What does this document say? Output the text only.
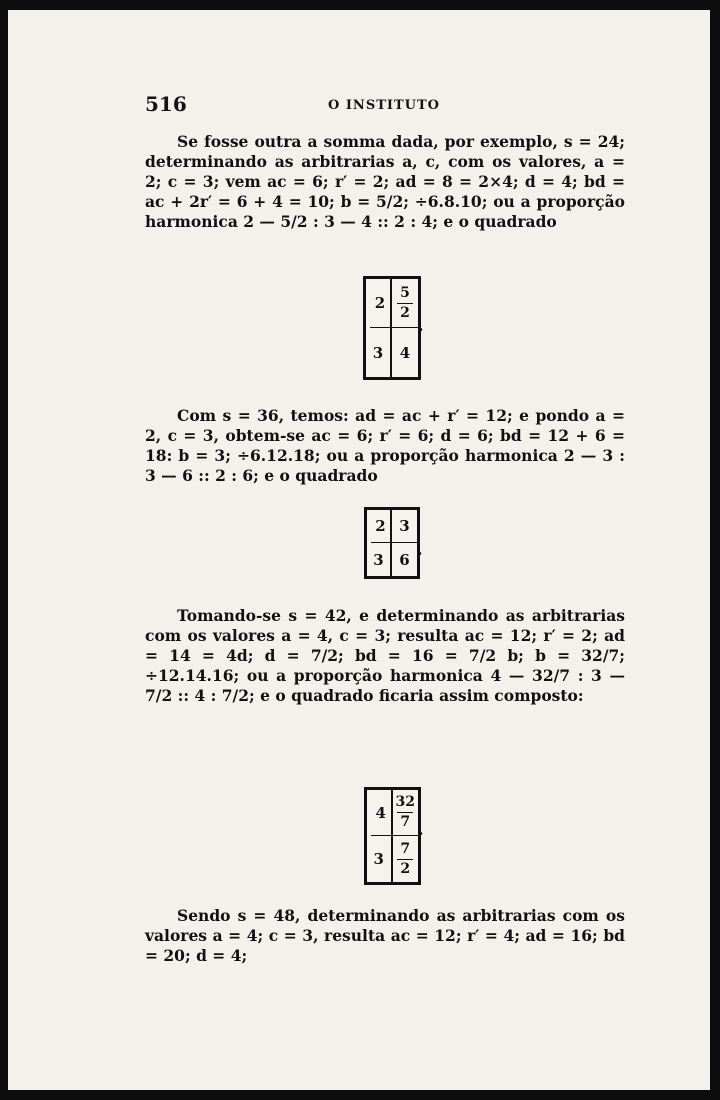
516	O INSTITUTO
Se fosse outra a somma dada, por exemplo, s = 24; determinando as arbitrarias a, c, com os valores, a = 2; c = 3; vem ac = 6; r′ = 2; ad = 8 = 2×4; d = 4; bd = ac + 2r′ = 6 + 4 = 10; b = 5/2; ÷6.8.10; ou a proporção harmonica 2 — 5/2 : 3 — 4 :: 2 : 4; e o quadrado
$2 \frac{5}{2}$
3	4
.
Com s = 36, temos: ad = ac + r′ = 12; e pondo a = 2, c = 3, obtem-se ac = 6; r′ = 6; d = 6; bd = 12 + 6 = 18: b = 3; ÷6.12.18; ou a proporção harmonica 2 — 3 : 3 — 6 :: 2 : 6; e o quadrado
2 3
3	6
.
Tomando-se s = 42, e determinando as arbitrarias com os valores a = 4, c = 3; resulta ac = 12; r′ = 2; ad = 14 = 4d; d = 7/2; bd = 16 = 7/2 b; b = 32/7; ÷12.14.16; ou a proporção harmonica 4 — 32/7 : 3 — 7/2 :: 4 : 7/2; e o quadrado ficaria assim composto:
$4 \frac{32}{7}$
$3 \frac{7}{2}$
.
Sendo s = 48, determinando as arbitrarias com os valores a = 4; c = 3, resulta ac = 12; r′ = 4; ad = 16; bd = 20; d = 4;
5/2 32/7 7/2
